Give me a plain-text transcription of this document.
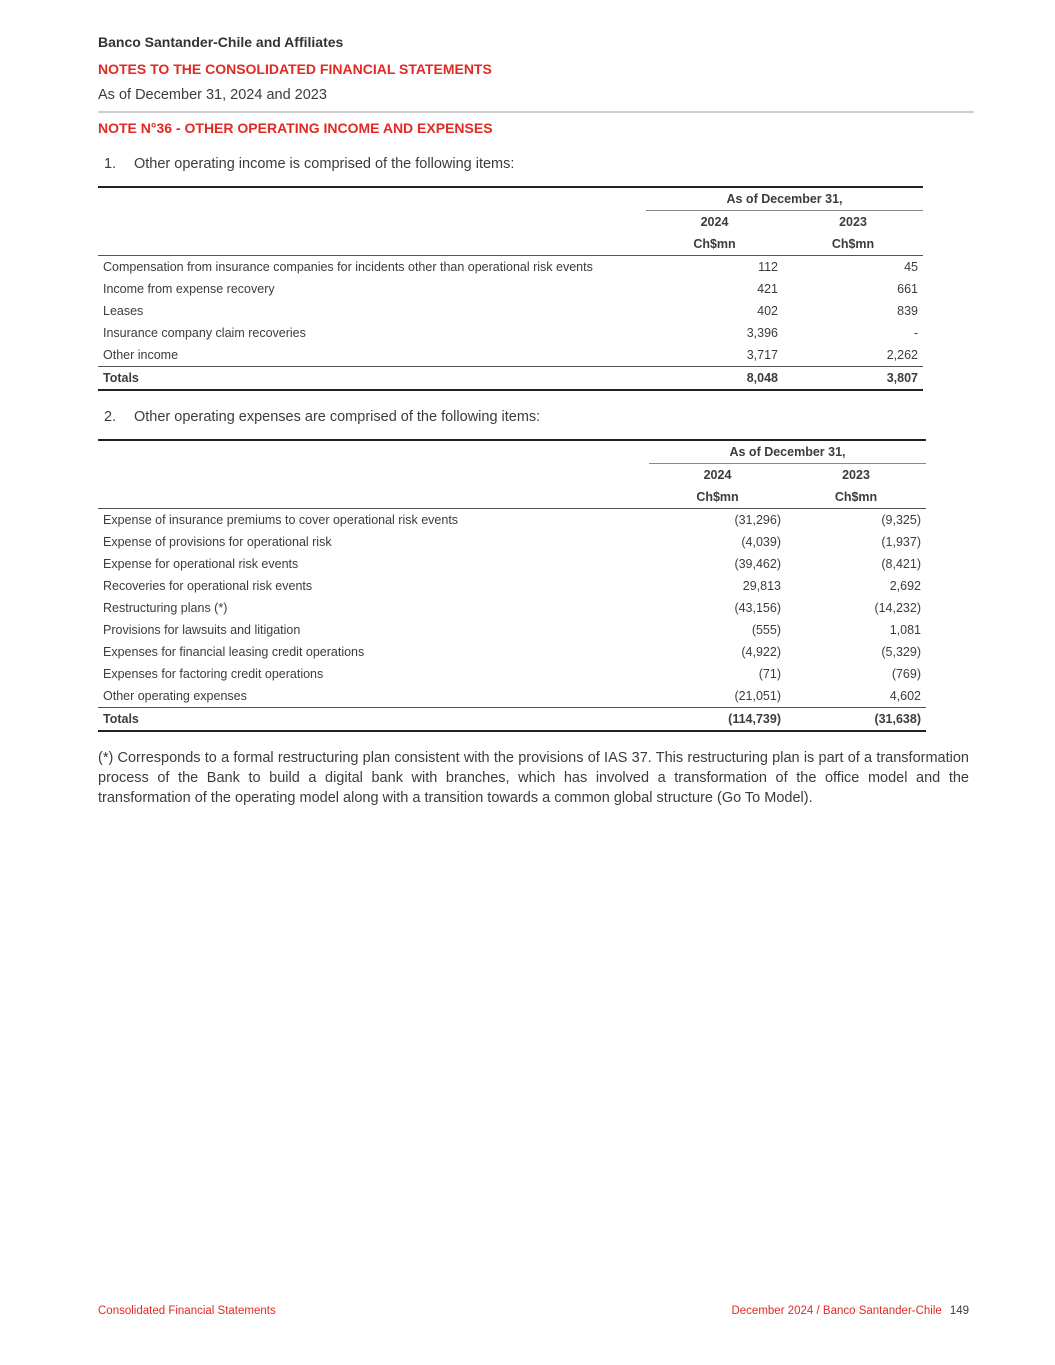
Banco Santander-Chile and Affiliates
NOTES TO THE CONSOLIDATED FINANCIAL STATEMENTS
As of December 31, 2024 and 2023
NOTE N°36 - OTHER OPERATING INCOME AND EXPENSES
1. Other operating income is comprised of the following items:
	As of December 31,	
	2024	2023
	Ch$mn	Ch$mn
Compensation from insurance companies for incidents other than operational risk events	112	45
Income from expense recovery	421	661
Leases	402	839
Insurance company claim recoveries	3,396	-
Other income	3,717	2,262
Totals	8,048	3,807
2. Other operating expenses are comprised of the following items:
	As of December 31,	
	2024	2023
	Ch$mn	Ch$mn
Expense of insurance premiums to cover operational risk events	(31,296)	(9,325)
Expense of provisions for operational risk	(4,039)	(1,937)
Expense for operational risk events	(39,462)	(8,421)
Recoveries for operational risk events	29,813	2,692
Restructuring plans (*)	(43,156)	(14,232)
Provisions for lawsuits and litigation	(555)	1,081
Expenses for financial leasing credit operations	(4,922)	(5,329)
Expenses for factoring credit operations	(71)	(769)
Other operating expenses	(21,051)	4,602
Totals	(114,739)	(31,638)
(*) Corresponds to a formal restructuring plan consistent with the provisions of IAS 37. This restructuring plan is part of a transformation process of the Bank to build a digital bank with branches, which has involved a transformation of the office model and the transformation of the operating model along with a transition towards a common global structure (Go To Model).
Consolidated Financial Statements	December 2024 / Banco Santander-Chile 149
